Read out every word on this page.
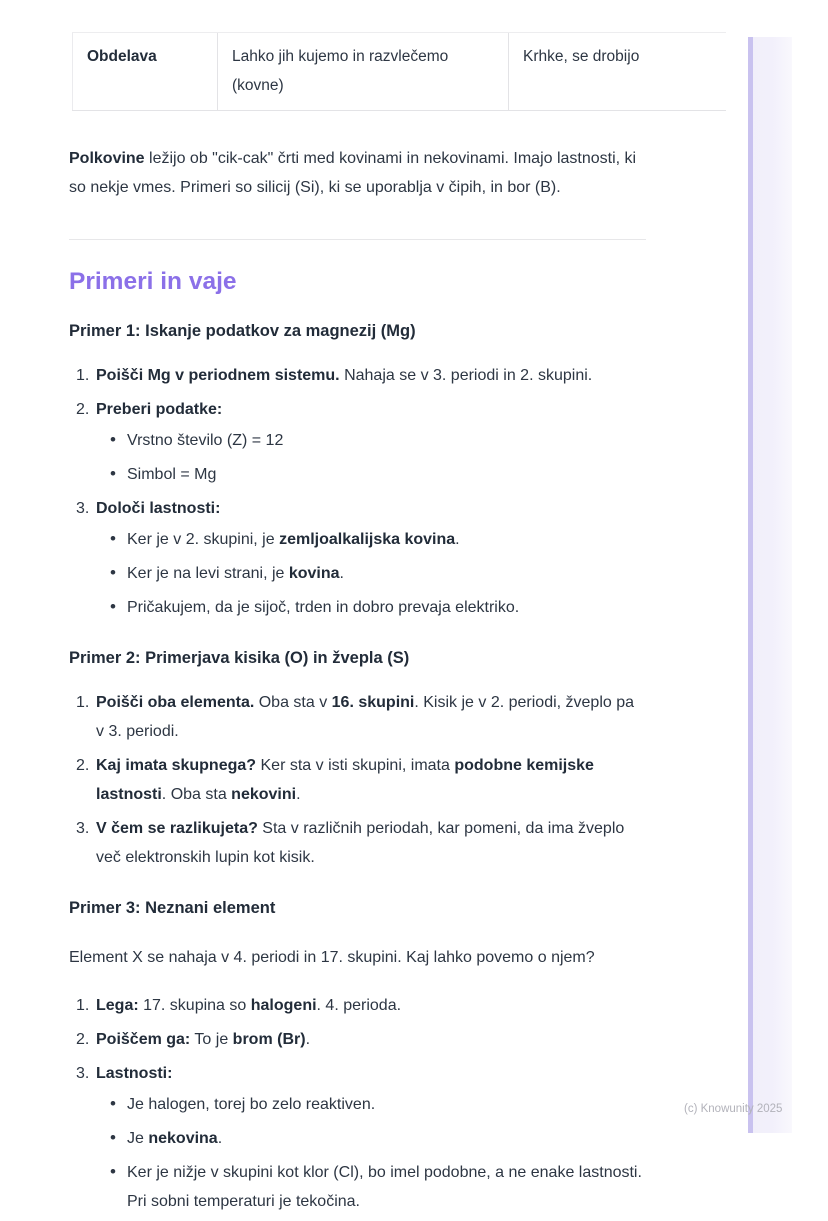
Obdelava	Lahko jih kujemo in razvlečemo (kovne)	Krhke, se drobijo

Polkovine ležijo ob "cik-cak" črti med kovinami in nekovinami. Imajo lastnosti, ki so nekje vmes. Primeri so silicij (Si), ki se uporablja v čipih, in bor (B).

Primeri in vaje
Primer 1: Iskanje podatkov za magnezij (Mg)
Poišči Mg v periodnem sistemu. Nahaja se v 3. periodi in 2. skupini.
Preberi podatke:
• Vrstno število (Z) = 12
• Simbol = Mg
Določi lastnosti:
• Ker je v 2. skupini, je zemljoalkalijska kovina.
• Ker je na levi strani, je kovina.
• Pričakujem, da je sijoč, trden in dobro prevaja elektriko.
Primer 2: Primerjava kisika (O) in žvepla (S)
Poišči oba elementa. Oba sta v 16. skupini. Kisik je v 2. periodi, žveplo pa v 3. periodi.
Kaj imata skupnega? Ker sta v isti skupini, imata podobne kemijske lastnosti. Oba sta nekovini.
V čem se razlikujeta? Sta v različnih periodah, kar pomeni, da ima žveplo več elektronskih lupin kot kisik.
Primer 3: Neznani element

Element X se nahaja v 4. periodi in 17. skupini. Kaj lahko povemo o njem?

Lega: 17. skupina so halogeni. 4. perioda.
Poiščem ga: To je brom (Br).
Lastnosti:
• Je halogen, torej bo zelo reaktiven.
• Je nekovina.
• Ker je nižje v skupini kot klor (Cl), bo imel podobne, a ne enake lastnosti. Pri sobni temperaturi je tekočina.
(c) Knowunity 2025
